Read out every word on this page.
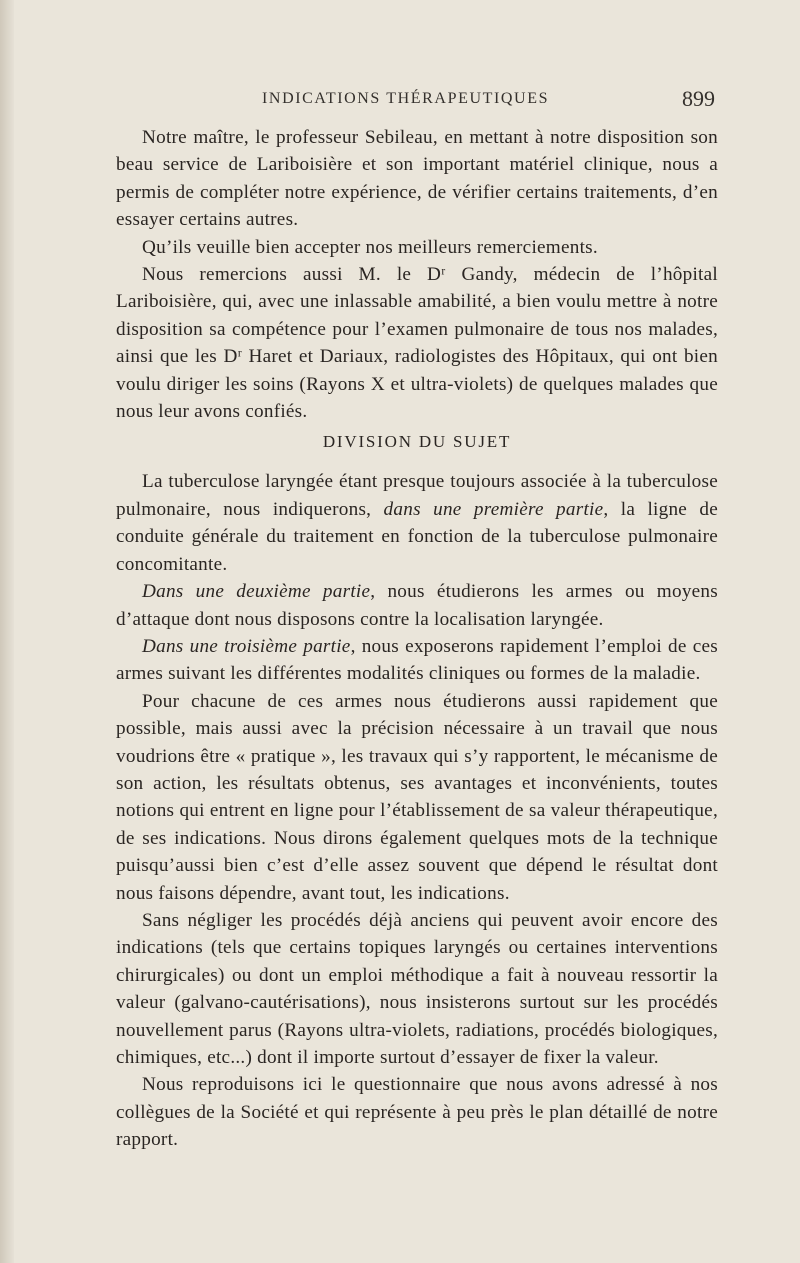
INDICATIONS THÉRAPEUTIQUES	899

Notre maître, le professeur Sebileau, en mettant à notre disposition son beau service de Lariboisière et son important matériel clinique, nous a permis de compléter notre expérience, de vérifier certains traitements, d’en essayer certains autres.

Qu’ils veuille bien accepter nos meilleurs remerciements.

Nous remercions aussi M. le Dʳ Gandy, médecin de l’hôpital Lariboisière, qui, avec une inlassable amabilité, a bien voulu mettre à notre disposition sa compétence pour l’examen pulmonaire de tous nos malades, ainsi que les Dʳ Haret et Dariaux, radiologistes des Hôpitaux, qui ont bien voulu diriger les soins (Rayons X et ultra-violets) de quelques malades que nous leur avons confiés.

DIVISION DU SUJET

La tuberculose laryngée étant presque toujours associée à la tuberculose pulmonaire, nous indiquerons, dans une première partie, la ligne de conduite générale du traitement en fonction de la tuberculose pulmonaire concomitante.

Dans une deuxième partie, nous étudierons les armes ou moyens d’attaque dont nous disposons contre la localisation laryngée.

Dans une troisième partie, nous exposerons rapidement l’emploi de ces armes suivant les différentes modalités cliniques ou formes de la maladie.

Pour chacune de ces armes nous étudierons aussi rapidement que possible, mais aussi avec la précision nécessaire à un travail que nous voudrions être « pratique », les travaux qui s’y rapportent, le mécanisme de son action, les résultats obtenus, ses avantages et inconvénients, toutes notions qui entrent en ligne pour l’établissement de sa valeur thérapeutique, de ses indications. Nous dirons également quelques mots de la technique puisqu’aussi bien c’est d’elle assez souvent que dépend le résultat dont nous faisons dépendre, avant tout, les indications.

Sans négliger les procédés déjà anciens qui peuvent avoir encore des indications (tels que certains topiques laryngés ou certaines interventions chirurgicales) ou dont un emploi méthodique a fait à nouveau ressortir la valeur (galvano-cautérisations), nous insisterons surtout sur les procédés nouvellement parus (Rayons ultra-violets, radiations, procédés biologiques, chimiques, etc...) dont il importe surtout d’essayer de fixer la valeur.

Nous reproduisons ici le questionnaire que nous avons adressé à nos collègues de la Société et qui représente à peu près le plan détaillé de notre rapport.
